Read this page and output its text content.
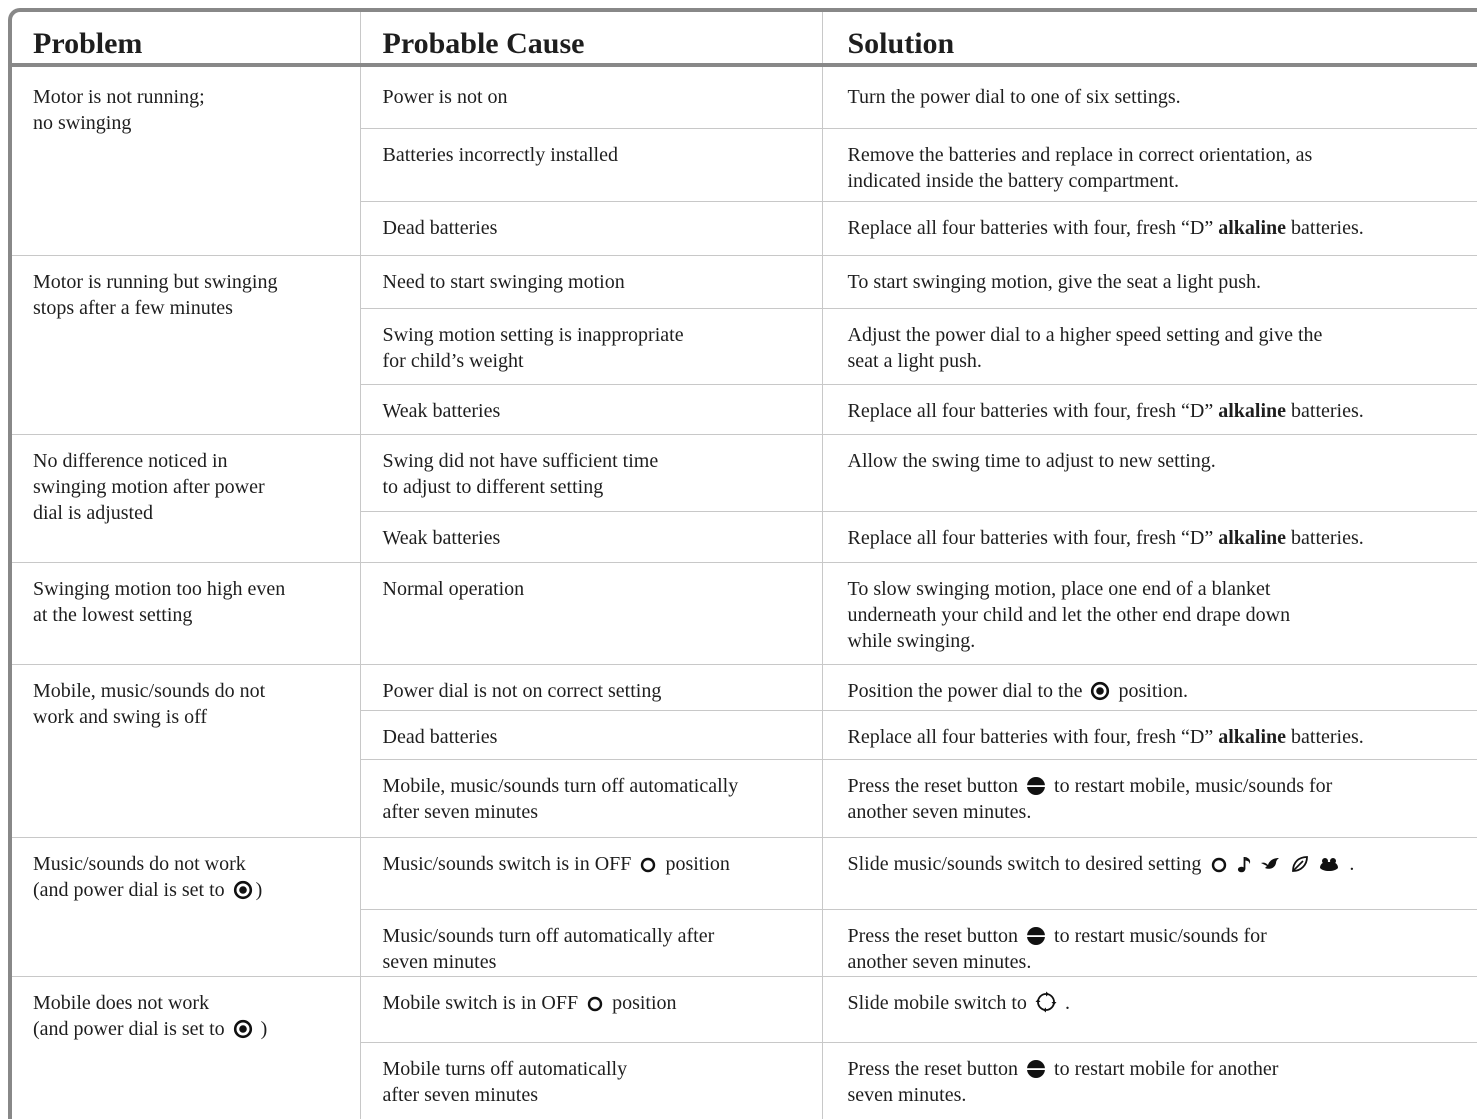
Problem	Probable Cause	Solution
Motor is not running;
no swinging	Power is not on	Turn the power dial to one of six settings.
	Batteries incorrectly installed	Remove the batteries and replace in correct orientation, as
indicated inside the battery compartment.
	Dead batteries	Replace all four batteries with four, fresh “D” alkaline batteries.
Motor is running but swinging
stops after a few minutes	Need to start swinging motion	To start swinging motion, give the seat a light push.
	Swing motion setting is inappropriate
for child’s weight	Adjust the power dial to a higher speed setting and give the
seat a light push.
	Weak batteries	Replace all four batteries with four, fresh “D” alkaline batteries.
No difference noticed in
swinging motion after power
dial is adjusted	Swing did not have sufficient time
to adjust to different setting	Allow the swing time to adjust to new setting.
	Weak batteries	Replace all four batteries with four, fresh “D” alkaline batteries.
Swinging motion too high even
at the lowest setting	Normal operation	To slow swinging motion, place one end of a blanket
underneath your child and let the other end drape down
while swinging.
Mobile, music/sounds do not
work and swing is off	Power dial is not on correct setting	Position the power dial to the
position.
	Dead batteries	Replace all four batteries with four, fresh “D” alkaline batteries.
	Mobile, music/sounds turn off automatically
after seven minutes	Press the reset button
to restart mobile, music/sounds for
another seven minutes.
Music/sounds do not work
(and power dial is set to
)	Music/sounds switch is in OFF
position	Slide music/sounds switch to desired setting .
	Music/sounds turn off automatically after
seven minutes	Press the reset button
to restart music/sounds for
another seven minutes.
Mobile does not work
(and power dial is set to
)	Mobile switch is in OFF
position	Slide mobile switch to
.
	Mobile turns off automatically
after seven minutes	Press the reset button
to restart mobile for another
seven minutes.
